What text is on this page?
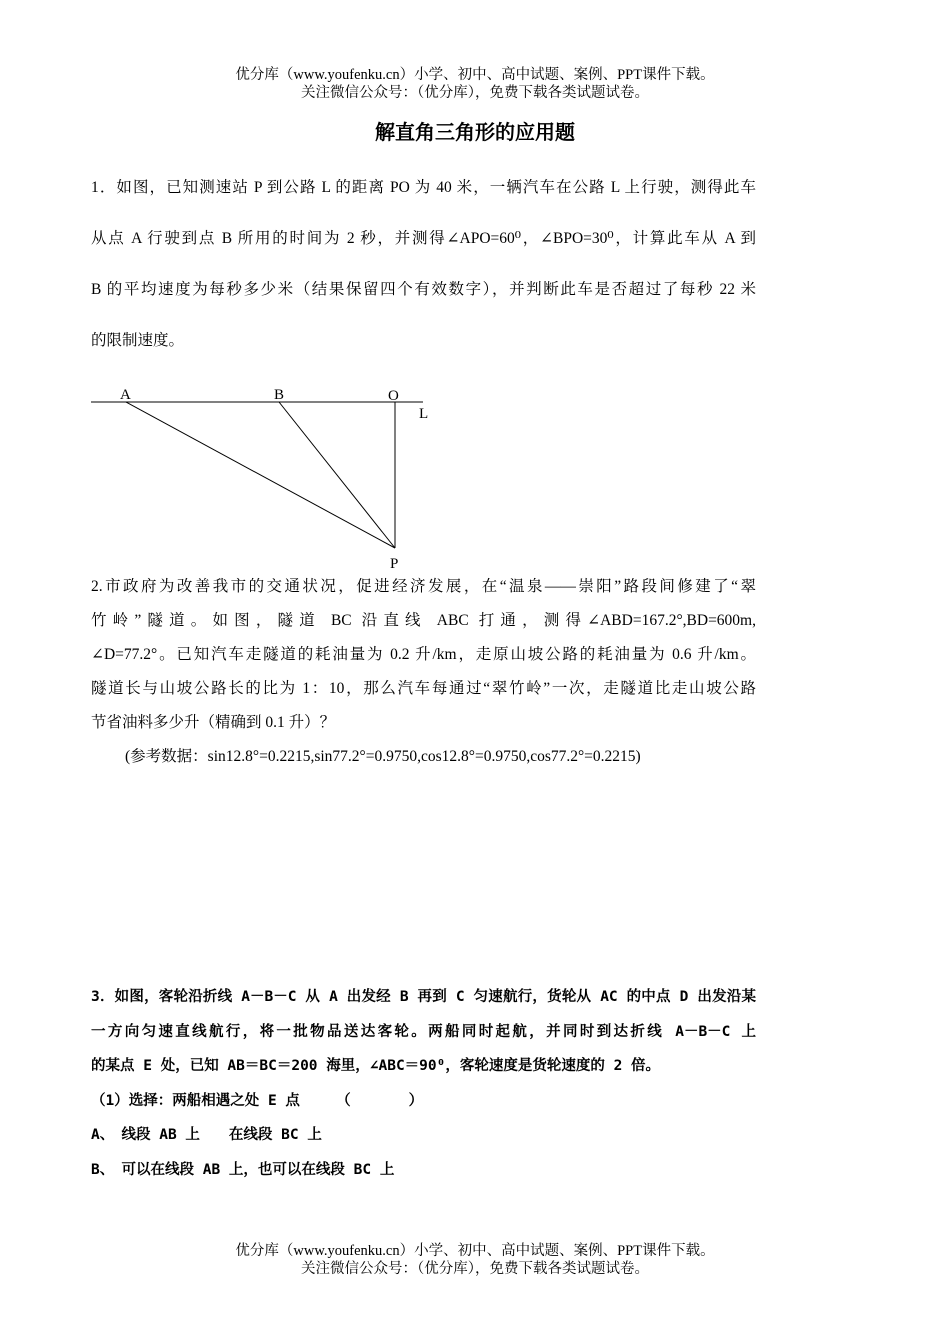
优分库（www.youfenku.cn）小学、初中、高中试题、案例、PPT课件下载。
关注微信公众号：（优分库），免费下载各类试题试卷。
解直角三角形的应用题
1．如图，已知测速站 P 到公路 L 的距离 PO 为 40 米，一辆汽车在公路 L 上行驶，测得此车
从点 A 行驶到点 B 所用的时间为 2 秒，并测得∠APO=60⁰，∠BPO=30⁰，计算此车从 A 到
B 的平均速度为每秒多少米（结果保留四个有效数字），并判断此车是否超过了每秒 22 米
的限制速度。
A	B	O
L
P
2.市政府为改善我市的交通状况，促进经济发展，在“温泉——崇阳”路段间修建了“翠
竹岭”隧道。如图，隧道 BC 沿直线 ABC 打通，测得∠ABD=167.2°,BD=600m,
∠D=77.2°。已知汽车走隧道的耗油量为 0.2 升/km，走原山坡公路的耗油量为 0.6 升/km。
隧道长与山坡公路长的比为 1：10，那么汽车每通过“翠竹岭”一次，走隧道比走山坡公路
节省油料多少升（精确到 0.1 升）？
(参考数据：sin12.8°=0.2215,sin77.2°=0.9750,cos12.8°=0.9750,cos77.2°=0.2215)
3．如图，客轮沿折线 A－B－C 从 A 出发经 B 再到 C 匀速航行，货轮从 AC 的中点 D 出发沿某
一方向匀速直线航行，将一批物品送达客轮。两船同时起航，并同时到达折线 A－B－C 上
的某点 E 处，已知 AB＝BC＝200 海里，∠ABC＝90⁰，客轮速度是货轮速度的 2 倍。
（1）选择：两船相遇之处 E 点　　　（　　　　）
A、　线段 AB 上　　在线段 BC 上
B、　可以在线段 AB 上，也可以在线段 BC 上
优分库（www.youfenku.cn）小学、初中、高中试题、案例、PPT课件下载。
关注微信公众号：（优分库），免费下载各类试题试卷。
